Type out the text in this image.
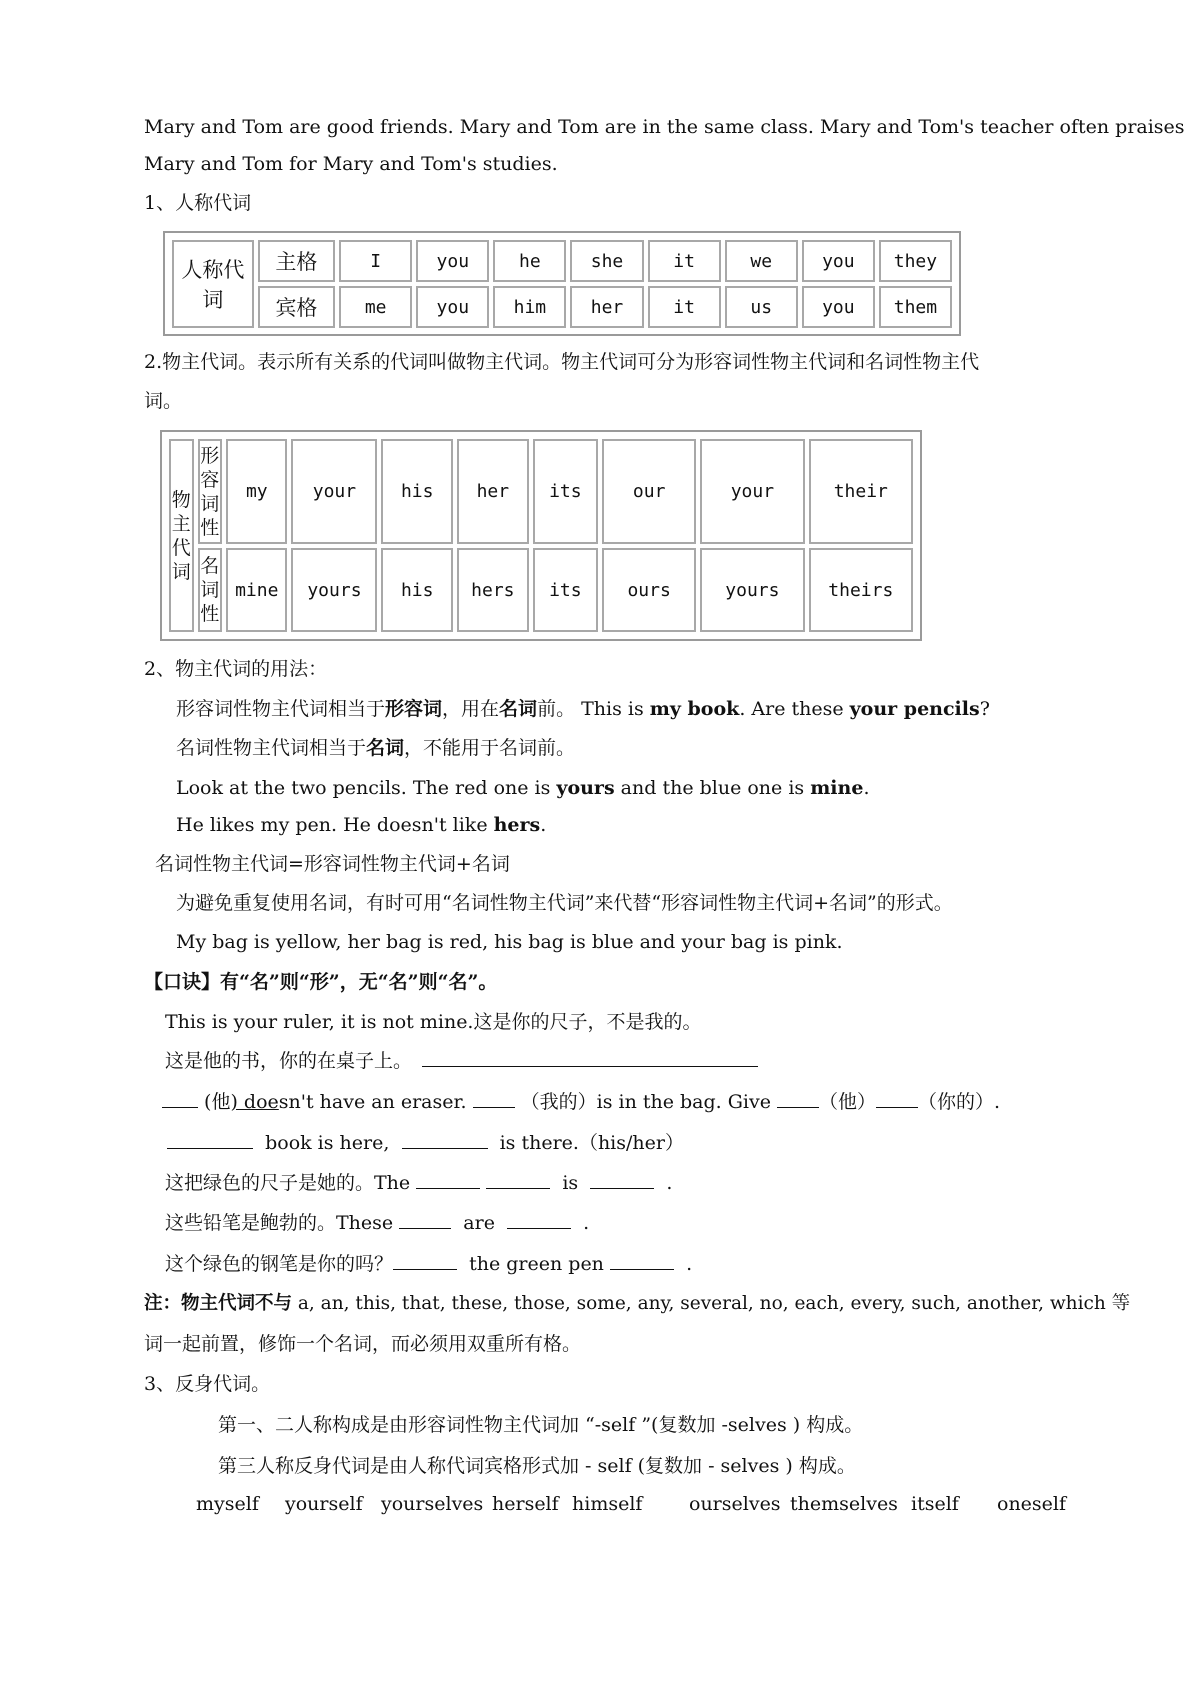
Mary and Tom are good friends. Mary and Tom are in the same class. Mary and Tom's teacher often praises
Mary and Tom for Mary and Tom's studies.
1、人称代词
人称代
词	主格	I	you	he	she	it	we	you	they
	宾格	me	you	him	her	it	us	you	them
2.物主代词。表示所有关系的代词叫做物主代词。物主代词可分为形容词性物主代词和名词性物主代
词。
物主代词	形容词性	my	your	his	her	its	our	your	their

	名词性	mine	yours	his	hers	its	ours	yours	theirs
2、物主代词的用法：
形容词性物主代词相当于形容词，用在名词前。 This is my book. Are these your pencils?
名词性物主代词相当于名词，不能用于名词前。
Look at the two pencils. The red one is yours and the blue one is mine.
He likes my pen. He doesn't like hers.
名词性物主代词=形容词性物主代词+名词
为避免重复使用名词，有时可用“名词性物主代词”来代替“形容词性物主代词+名词”的形式。
My bag is yellow, her bag is red, his bag is blue and your bag is pink.
【口诀】有“名”则“形”，无“名”则“名”。
This is your ruler, it is not mine.这是你的尺子，不是我的。
这是他的书，你的在桌子上。
(他) doesn't have an eraser.	（我的）is in the bag. Give	（他） （你的）.
book is here,	is there.（his/her）
这把绿色的尺子是她的。The	is	.
这些铅笔是鲍勃的。These	are	.
这个绿色的钢笔是你的吗？	the green pen	.
注：物主代词不与 a, an, this, that, these, those, some, any, several, no, each, every, such, another, which 等
词一起前置，修饰一个名词，而必须用双重所有格。
3、反身代词。
第一、二人称构成是由形容词性物主代词加 “-self ”(复数加 -selves ) 构成。
第三人称反身代词是由人称代词宾格形式加 - self (复数加 - selves ) 构成。
myself yourself yourselves herself himself ourselves themselves itself oneself
